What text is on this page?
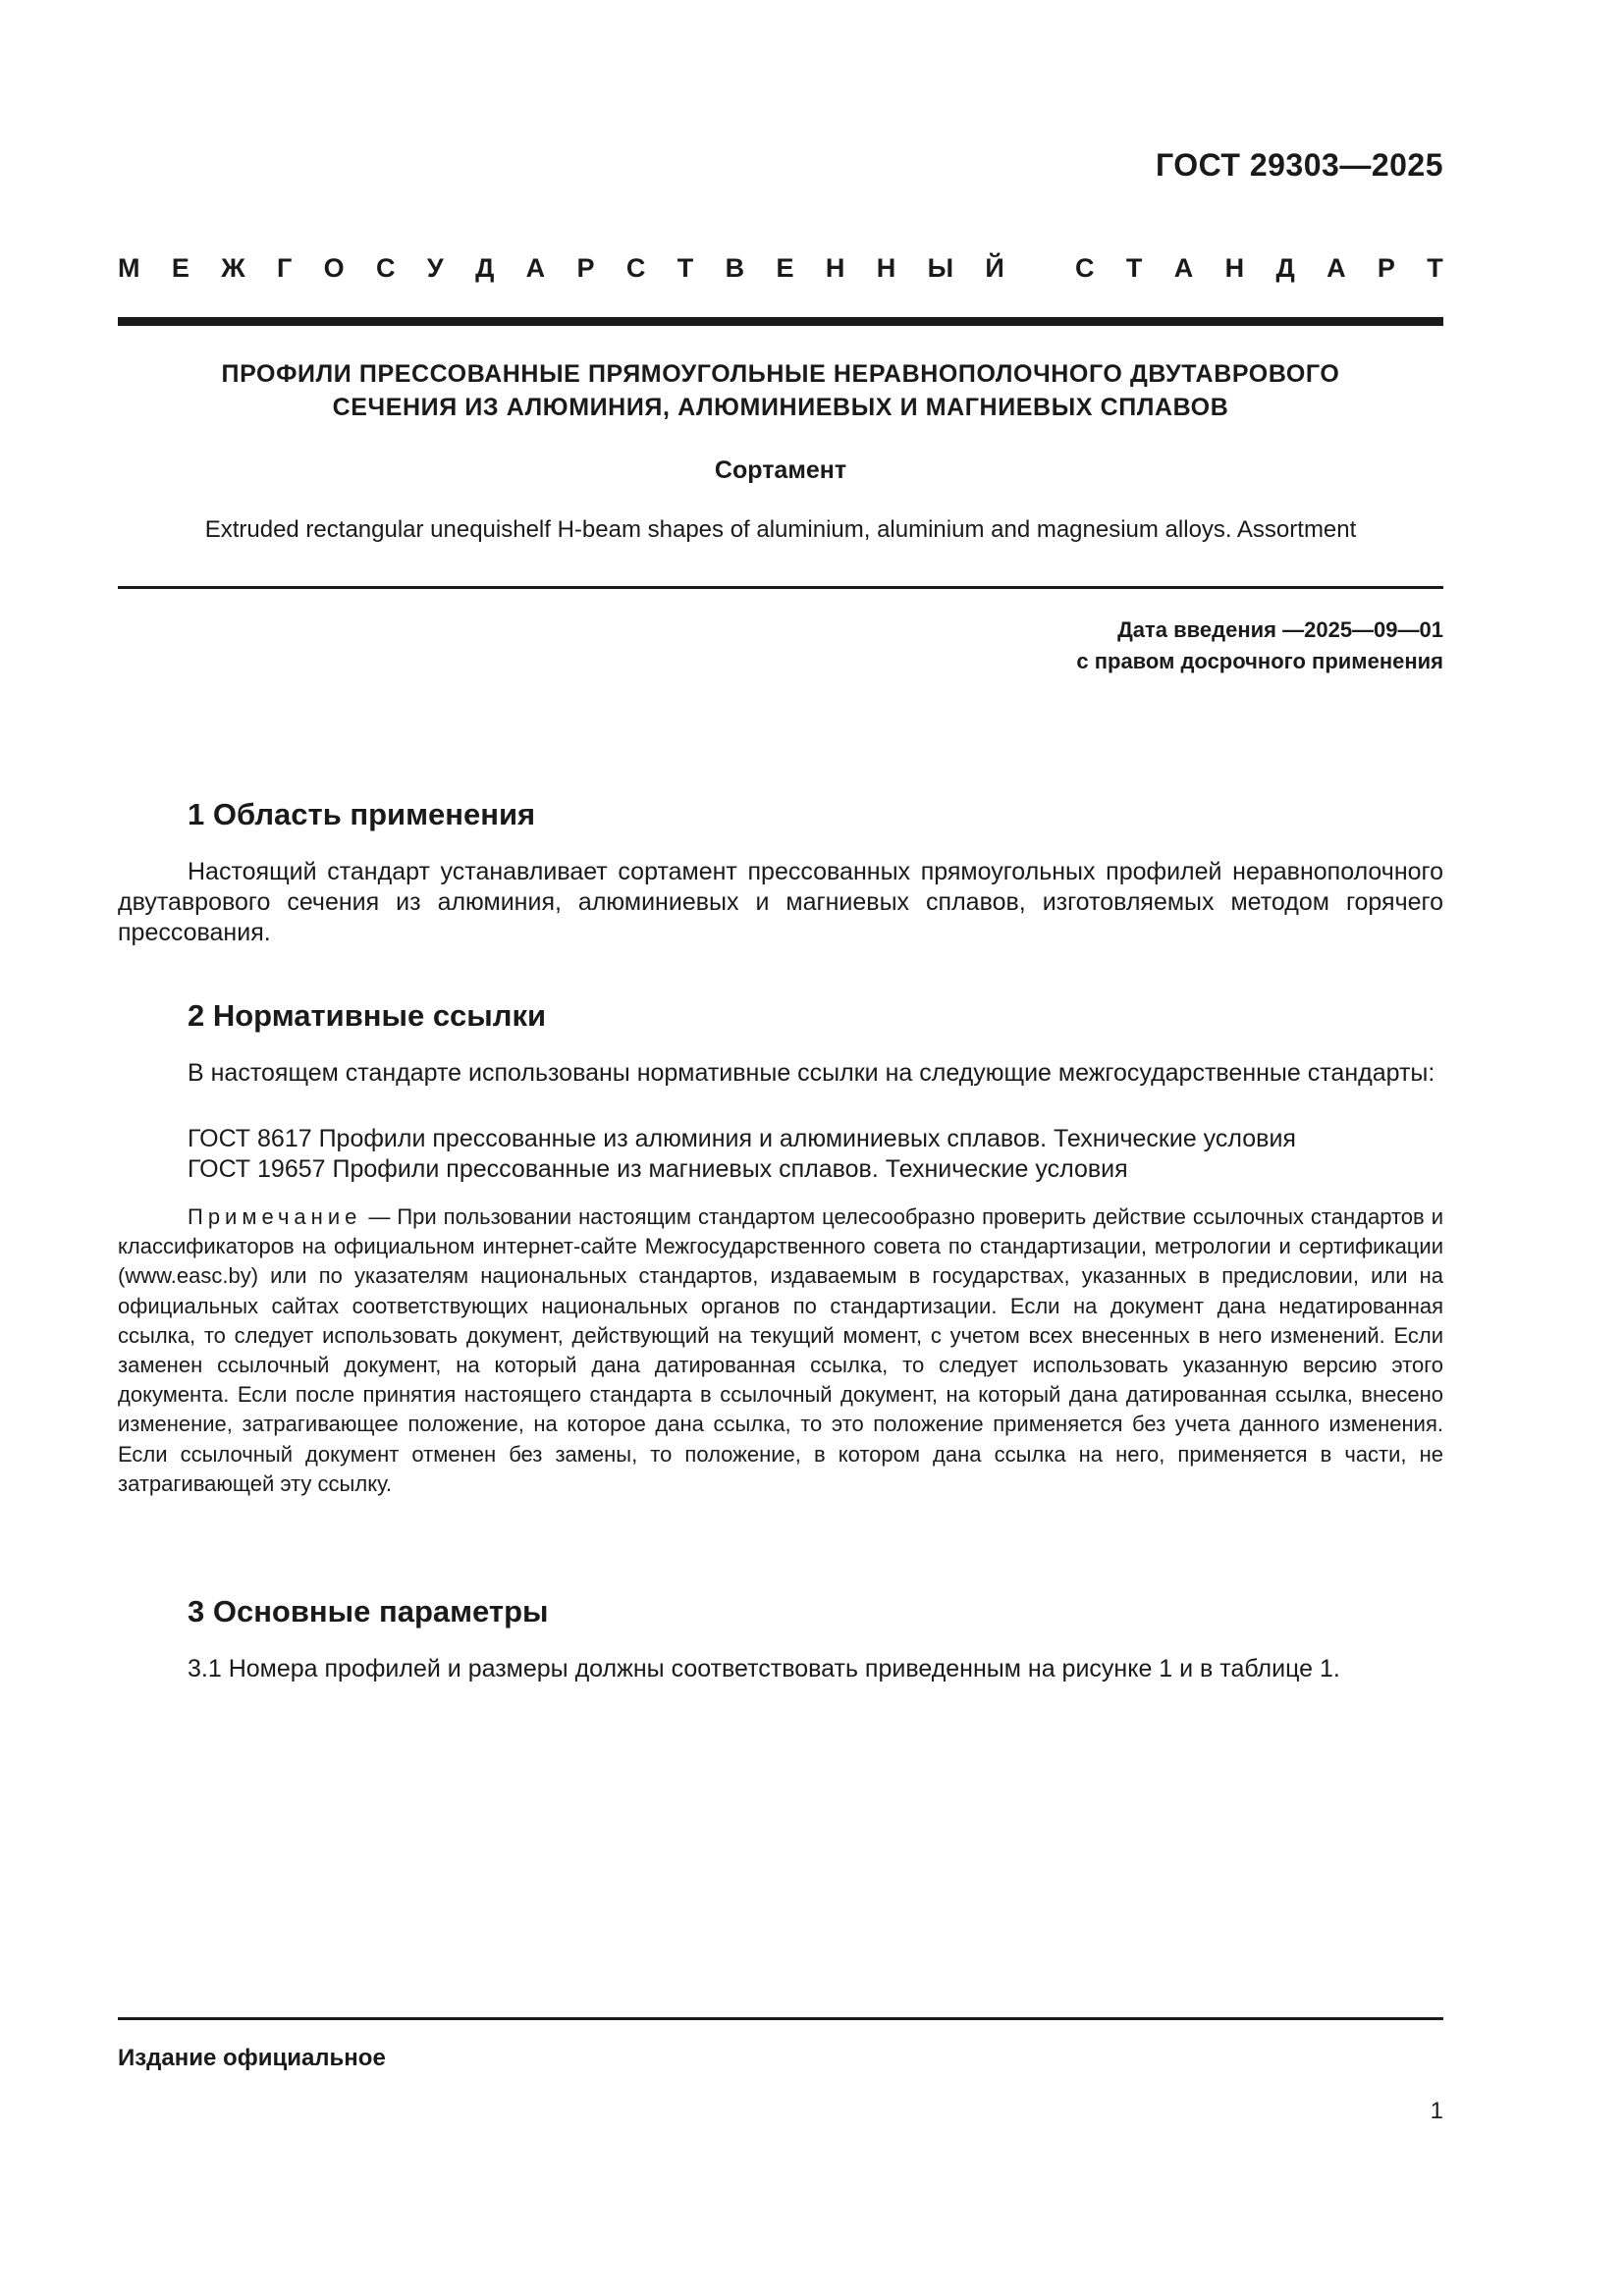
ГОСТ 29303—2025
М Е Ж Г О С У Д А Р С Т В Е Н Н Ы Й
	С Т А Н Д А Р Т
ПРОФИЛИ ПРЕССОВАННЫЕ ПРЯМОУГОЛЬНЫЕ НЕРАВНОПОЛОЧНОГО ДВУТАВРОВОГО
СЕЧЕНИЯ ИЗ АЛЮМИНИЯ, АЛЮМИНИЕВЫХ И МАГНИЕВЫХ СПЛАВОВ
Сортамент
Extruded rectangular unequishelf H-beam shapes of aluminium, aluminium and magnesium alloys. Assortment
Дата введения —2025—09—01
с правом досрочного применения
1 Область применения
Настоящий стандарт устанавливает сортамент прессованных прямоугольных профилей неравнополочного двутаврового сечения из алюминия, алюминиевых и магниевых сплавов, изготовляемых методом горячего прессования.
2 Нормативные ссылки
В настоящем стандарте использованы нормативные ссылки на следующие межгосударственные стандарты:
ГОСТ 8617 Профили прессованные из алюминия и алюминиевых сплавов. Технические условия
ГОСТ 19657 Профили прессованные из магниевых сплавов. Технические условия
Примечание — При пользовании настоящим стандартом целесообразно проверить действие ссылочных стандартов и классификаторов на официальном интернет-сайте Межгосударственного совета по стандартизации, метрологии и сертификации (www.easc.by) или по указателям национальных стандартов, издаваемым в государствах, указанных в предисловии, или на официальных сайтах соответствующих национальных органов по стандартизации. Если на документ дана недатированная ссылка, то следует использовать документ, действующий на текущий момент, с учетом всех внесенных в него изменений. Если заменен ссылочный документ, на который дана датированная ссылка, то следует использовать указанную версию этого документа. Если после принятия настоящего стандарта в ссылочный документ, на который дана датированная ссылка, внесено изменение, затрагивающее положение, на которое дана ссылка, то это положение применяется без учета данного изменения. Если ссылочный документ отменен без замены, то положение, в котором дана ссылка на него, применяется в части, не затрагивающей эту ссылку.
3 Основные параметры
3.1 Номера профилей и размеры должны соответствовать приведенным на рисунке 1 и в таблице 1.
Издание официальное
1
